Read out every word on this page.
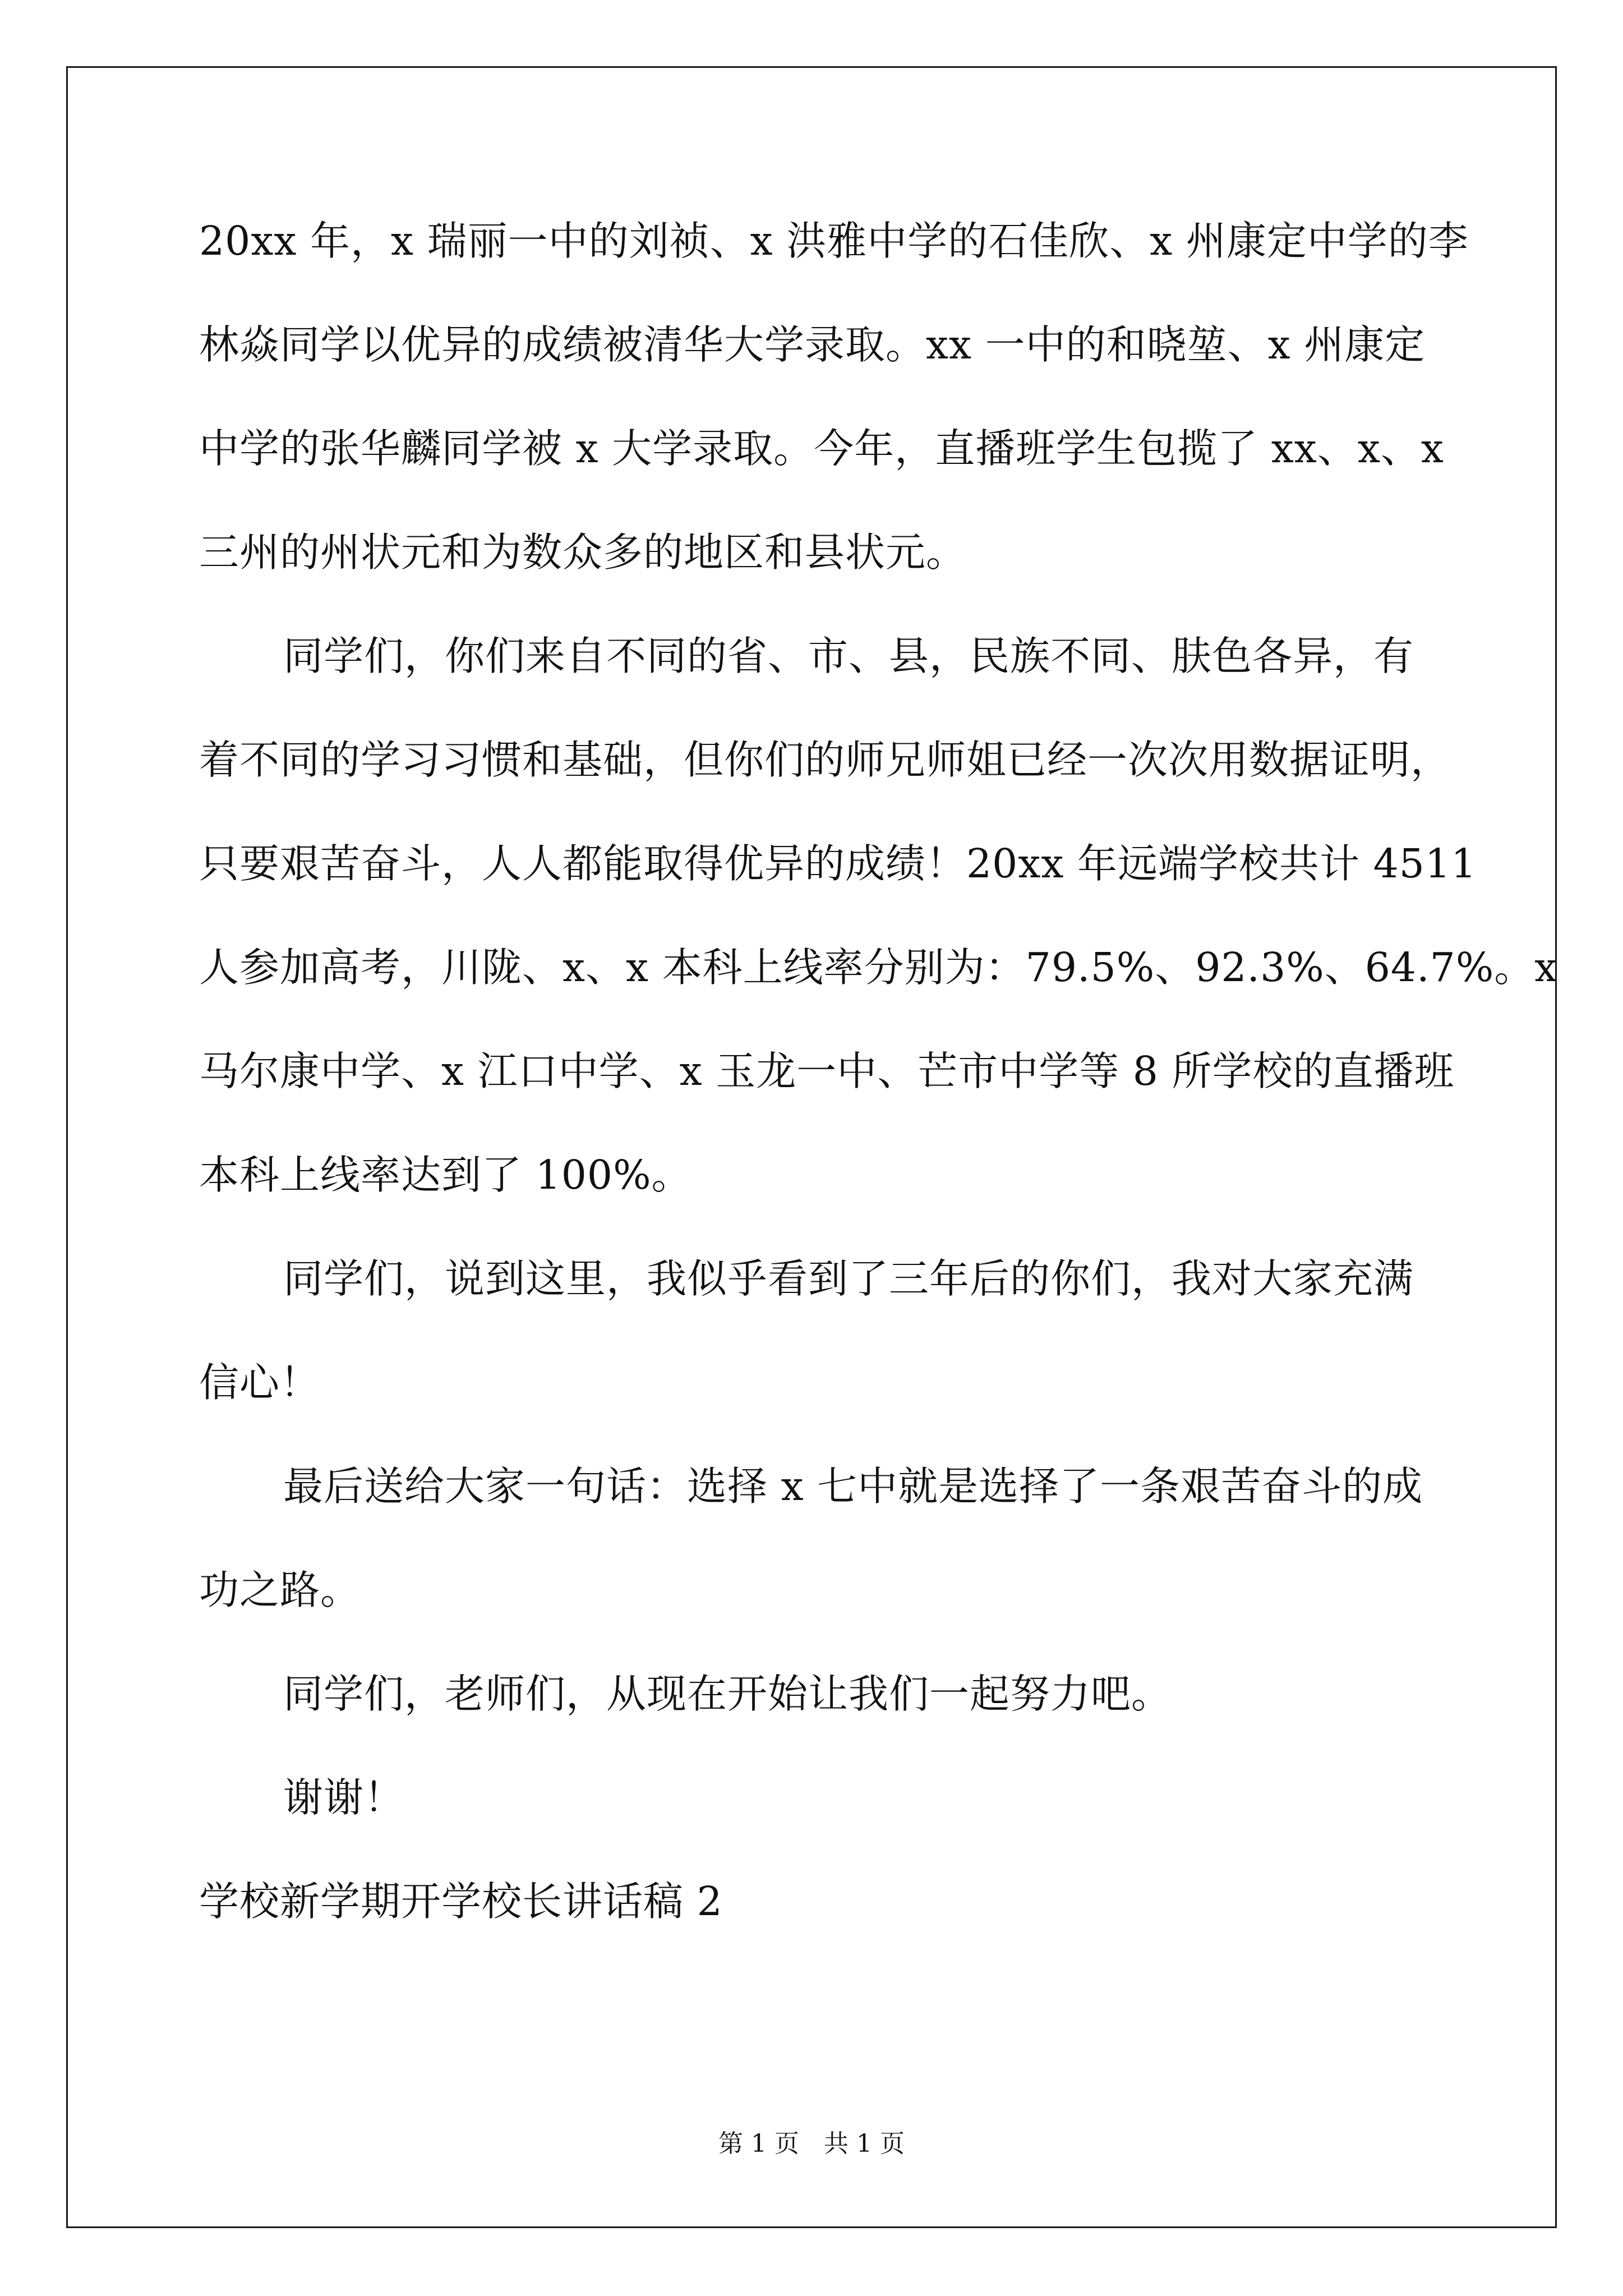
20xx 年，x 瑞丽一中的刘祯、x 洪雅中学的石佳欣、x 州康定中学的李
林焱同学以优异的成绩被清华大学录取。xx 一中的和晓堃、x 州康定
中学的张华麟同学被 x 大学录取。今年，直播班学生包揽了 xx、x、x
三州的州状元和为数众多的地区和县状元。
同学们，你们来自不同的省、市、县，民族不同、肤色各异，有
着不同的学习习惯和基础，但你们的师兄师姐已经一次次用数据证明，
只要艰苦奋斗，人人都能取得优异的成绩！20xx 年远端学校共计 4511
人参加高考，川陇、x、x 本科上线率分别为：79.5%、92.3%、64.7%。x
马尔康中学、x 江口中学、x 玉龙一中、芒市中学等 8 所学校的直播班
本科上线率达到了 100%。
同学们，说到这里，我似乎看到了三年后的你们，我对大家充满
信心！
最后送给大家一句话：选择 x 七中就是选择了一条艰苦奋斗的成
功之路。
同学们，老师们，从现在开始让我们一起努力吧。
谢谢！
学校新学期开学校长讲话稿 2
第 1 页　共 1 页
